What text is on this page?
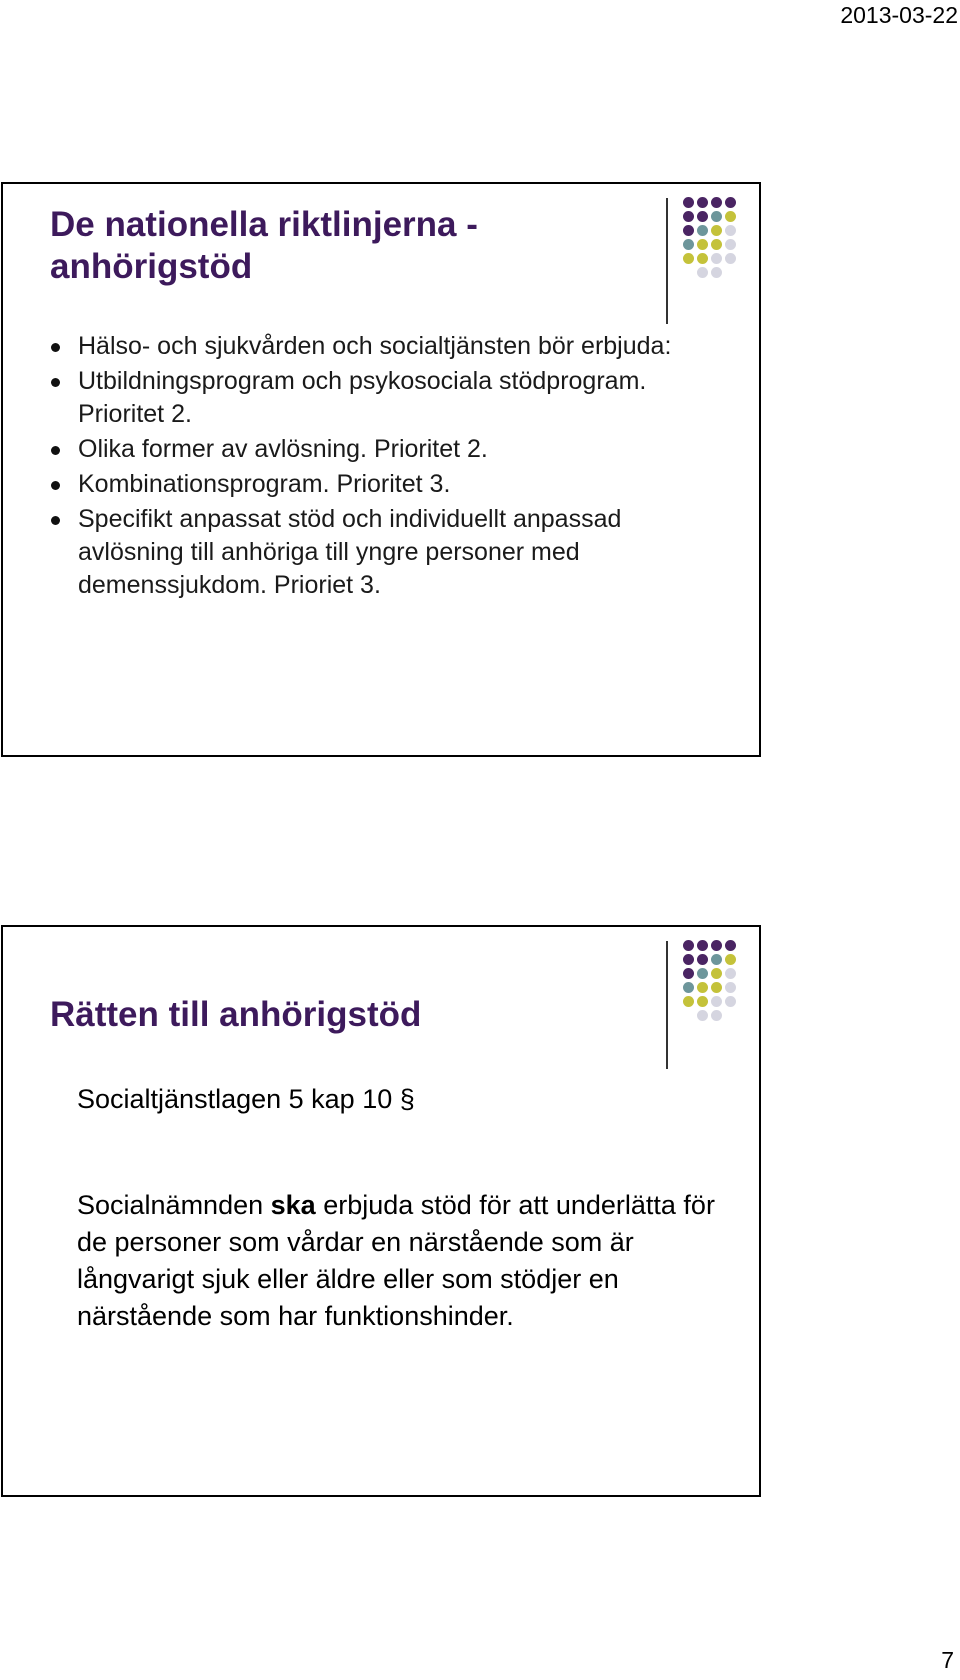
2013-03-22
De nationella riktlinjerna - anhörigstöd
Hälso- och sjukvården och socialtjänsten bör erbjuda:
Utbildningsprogram och psykosociala stödprogram. Prioritet 2.
Olika former av avlösning. Prioritet 2.
Kombinationsprogram. Prioritet 3.
Specifikt anpassat stöd och individuellt anpassad avlösning till anhöriga till yngre personer med demenssjukdom. Prioriet 3.
Rätten till anhörigstöd
Socialtjänstlagen 5 kap 10 §

Socialnämnden ska erbjuda stöd för att underlätta för de personer som vårdar en närstående som är långvarigt sjuk eller äldre eller som stödjer en närstående som har funktionshinder.

7
